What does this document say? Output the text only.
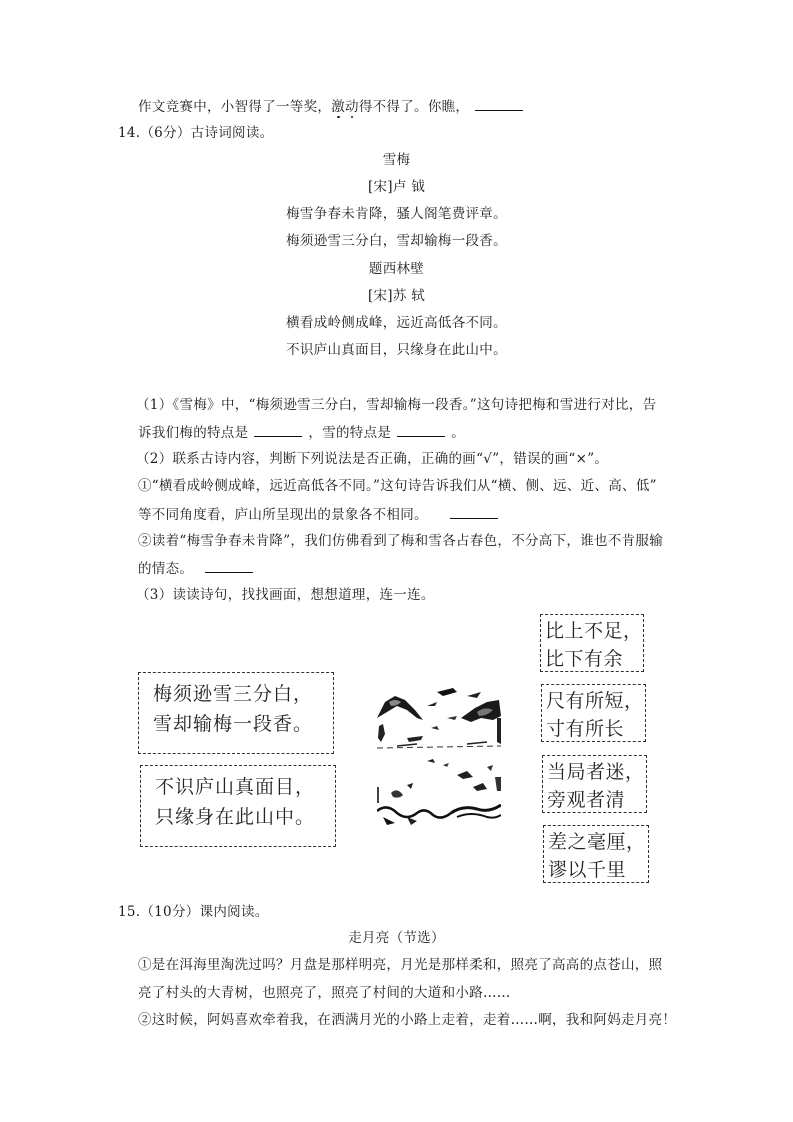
作文竞赛中，小智得了一等奖，激动得不得了。你瞧，
14.（6分）古诗词阅读。
雪梅
[宋]卢 钺
梅雪争春未肯降，骚人阁笔费评章。
梅须逊雪三分白，雪却输梅一段香。
题西林壁
[宋]苏 轼
横看成岭侧成峰，远近高低各不同。
不识庐山真面目，只缘身在此山中。
（1）《雪梅》中，“梅须逊雪三分白，雪却输梅一段香。”这句诗把梅和雪进行对比，告
诉我们梅的特点是	，雪的特点是	。
（2）联系古诗内容，判断下列说法是否正确，正确的画“√”，错误的画“×”。
①“横看成岭侧成峰，远近高低各不同。”这句诗告诉我们从“横、侧、远、近、高、低”
等不同角度看，庐山所呈现出的景象各不相同。
②读着“梅雪争春未肯降”，我们仿佛看到了梅和雪各占春色，不分高下，谁也不肯服输
的情态。
（3）读读诗句，找找画面，想想道理，连一连。
梅须逊雪三分白，
雪却输梅一段香。
不识庐山真面目，
只缘身在此山中。
比上不足，
比下有余
尺有所短，
寸有所长
当局者迷，
旁观者清
差之毫厘，
谬以千里
15.（10分）课内阅读。
走月亮（节选）
①是在洱海里淘洗过吗？月盘是那样明亮，月光是那样柔和，照亮了高高的点苍山，照
亮了村头的大青树，也照亮了，照亮了村间的大道和小路……
②这时候，阿妈喜欢牵着我，在洒满月光的小路上走着，走着……啊，我和阿妈走月亮！
